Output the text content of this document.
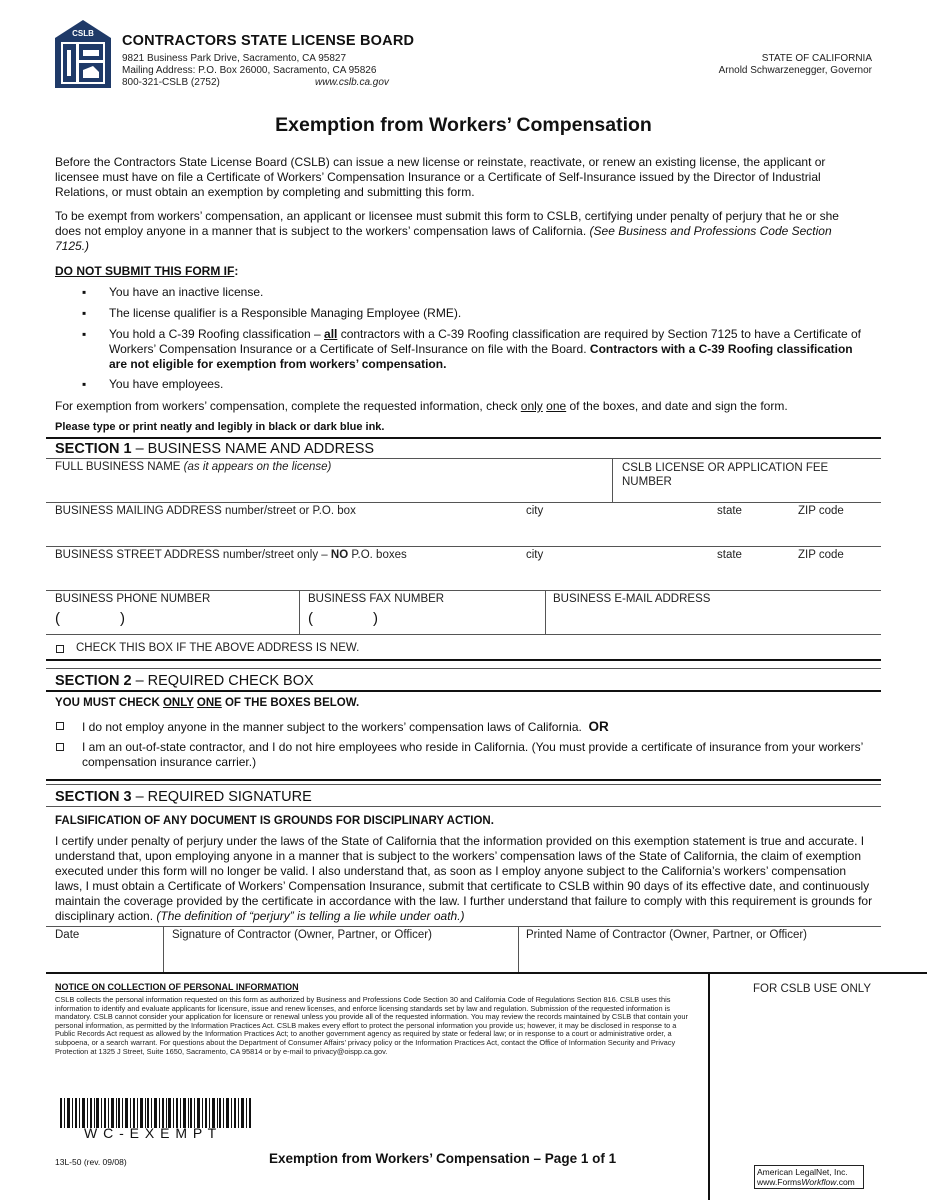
CSLB CONTRACTORS STATE LICENSE BOARD
9821 Business Park Drive, Sacramento, CA 95827
Mailing Address: P.O. Box 26000, Sacramento, CA 95826
800-321-CSLB (2752)	www.cslb.ca.gov
STATE OF CALIFORNIA
Arnold Schwarzenegger, Governor
Exemption from Workers’ Compensation
Before the Contractors State License Board (CSLB) can issue a new license or reinstate, reactivate, or renew an existing license, the applicant or licensee must have on file a Certificate of Workers’ Compensation Insurance or a Certificate of Self-Insurance issued by the Director of Industrial Relations, or must obtain an exemption by completing and submitting this form.
To be exempt from workers’ compensation, an applicant or licensee must submit this form to CSLB, certifying under penalty of perjury that he or she does not employ anyone in a manner that is subject to the workers’ compensation laws of California. (See Business and Professions Code Section 7125.)
DO NOT SUBMIT THIS FORM IF:
▪ You have an inactive license.
▪ The license qualifier is a Responsible Managing Employee (RME).
▪ You hold a C-39 Roofing classification – all contractors with a C-39 Roofing classification are required by Section 7125 to have a Certificate of Workers’ Compensation Insurance or a Certificate of Self-Insurance on file with the Board. Contractors with a C-39 Roofing classification are not eligible for exemption from workers’ compensation.
▪ You have employees.
For exemption from workers’ compensation, complete the requested information, check only one of the boxes, and date and sign the form.
Please type or print neatly and legibly in black or dark blue ink.
SECTION 1 – BUSINESS NAME AND ADDRESS
FULL BUSINESS NAME (as it appears on the license)	CSLB LICENSE OR APPLICATION FEE NUMBER
BUSINESS MAILING ADDRESS number/street or P.O. box	city	state	ZIP code
BUSINESS STREET ADDRESS number/street only – NO P.O. boxes	city	state	ZIP code
BUSINESS PHONE NUMBER
(	)
BUSINESS FAX NUMBER
(	)
BUSINESS E-MAIL ADDRESS
CHECK THIS BOX IF THE ABOVE ADDRESS IS NEW.
SECTION 2 – REQUIRED CHECK BOX
YOU MUST CHECK ONLY ONE OF THE BOXES BELOW.
I do not employ anyone in the manner subject to the workers’ compensation laws of California. OR
I am an out-of-state contractor, and I do not hire employees who reside in California. (You must provide a certificate of insurance from your workers’ compensation insurance carrier.)
SECTION 3 – REQUIRED SIGNATURE
FALSIFICATION OF ANY DOCUMENT IS GROUNDS FOR DISCIPLINARY ACTION.
I certify under penalty of perjury under the laws of the State of California that the information provided on this exemption statement is true and accurate. I understand that, upon employing anyone in a manner that is subject to the workers’ compensation laws of the State of California, the claim of exemption executed under this form will no longer be valid. I also understand that, as soon as I employ anyone subject to the California’s workers’ compensation laws, I must obtain a Certificate of Workers’ Compensation Insurance, submit that certificate to CSLB within 90 days of its effective date, and continuously maintain the coverage provided by the certificate in accordance with the law. I further understand that failure to comply with this requirement is grounds for disciplinary action. (The definition of “perjury” is telling a lie while under oath.)
Date	Signature of Contractor (Owner, Partner, or Officer)	Printed Name of Contractor (Owner, Partner, or Officer)
NOTICE ON COLLECTION OF PERSONAL INFORMATION
CSLB collects the personal information requested on this form as authorized by Business and Professions Code Section 30 and California Code of Regulations Section 816. CSLB uses this information to identify and evaluate applicants for licensure, issue and renew licenses, and enforce licensing standards set by law and regulation. Submission of the requested information is mandatory. CSLB cannot consider your application for licensure or renewal unless you provide all of the requested information. You may review the records maintained by CSLB that contain your personal information, as permitted by the Information Practices Act. CSLB makes every effort to protect the personal information you provide us; however, it may be disclosed in response to a Public Records Act request as allowed by the Information Practices Act; to another government agency as required by state or federal law; or in response to a court or administrative order, a subpoena, or a search warrant. For questions about the Department of Consumer Affairs’ privacy policy or the Information Practices Act, contact the Office of Information Security and Privacy Protection at 1325 J Street, Suite 1650, Sacramento, CA 95814 or by e-mail to privacy@oispp.ca.gov.
FOR CSLB USE ONLY
American LegalNet, Inc.
www.FormsWorkflow.com
W C - E X E M P T
13L-50 (rev. 09/08)	Exemption from Workers’ Compensation – Page 1 of 1
